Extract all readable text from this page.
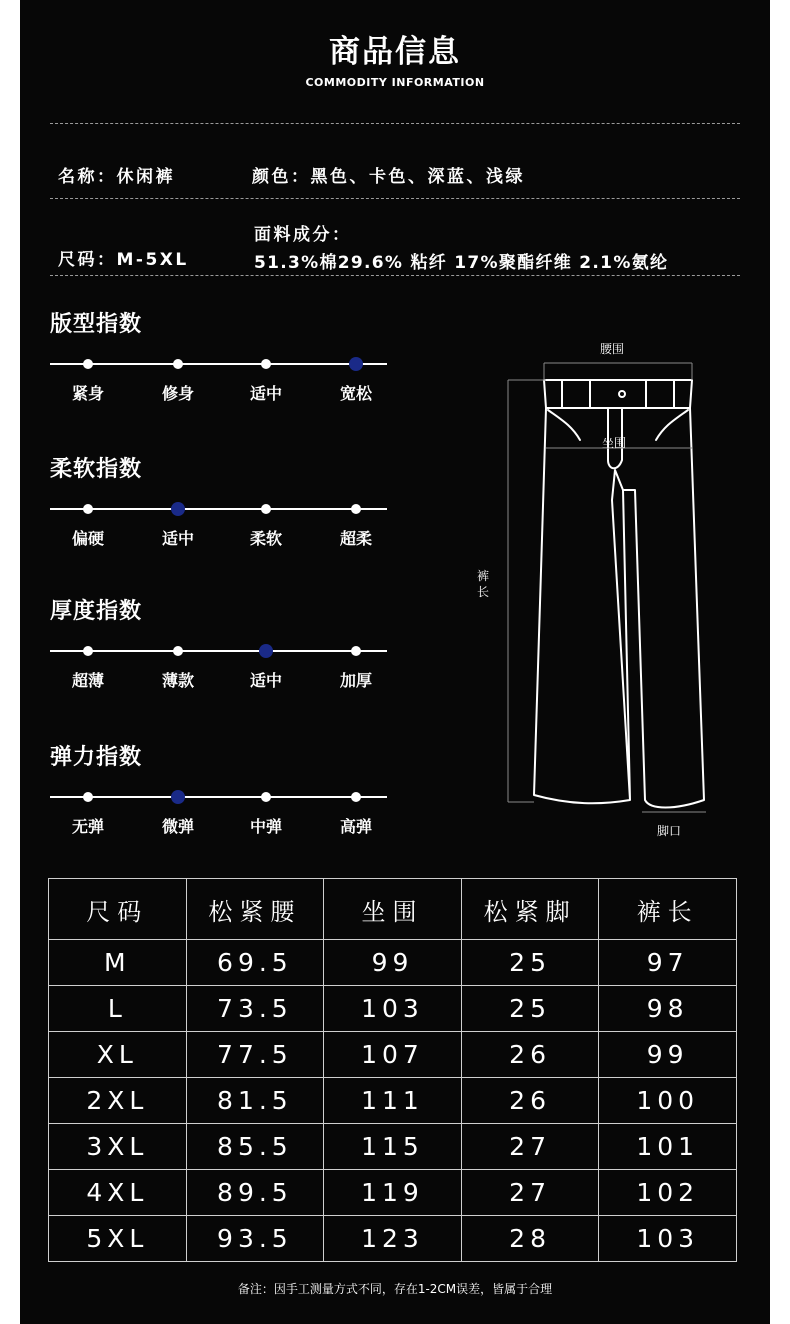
商品信息
COMMODITY INFORMATION
名称：休闲裤	颜色：黑色、卡色、深蓝、浅绿
尺码：M-5XL
面料成分：
51.3%棉29.6% 粘纤 17%聚酯纤维 2.1%氨纶
版型指数
紧身	修身	适中	宽松
柔软指数
偏硬	适中	柔软	超柔
厚度指数
超薄	薄款	适中	加厚
弹力指数
无弹	微弹	中弹	高弹
腰围
坐围
裤长
脚口
尺码	松紧腰	坐围	松紧脚	裤长
M	69.5	99	25	97
L	73.5	103	25	98
XL	77.5	107	26	99
2XL	81.5	111	26	100
3XL	85.5	115	27	101
4XL	89.5	119	27	102
5XL	93.5	123	28	103
备注：因手工测量方式不同，存在1-2CM误差，皆属于合理
